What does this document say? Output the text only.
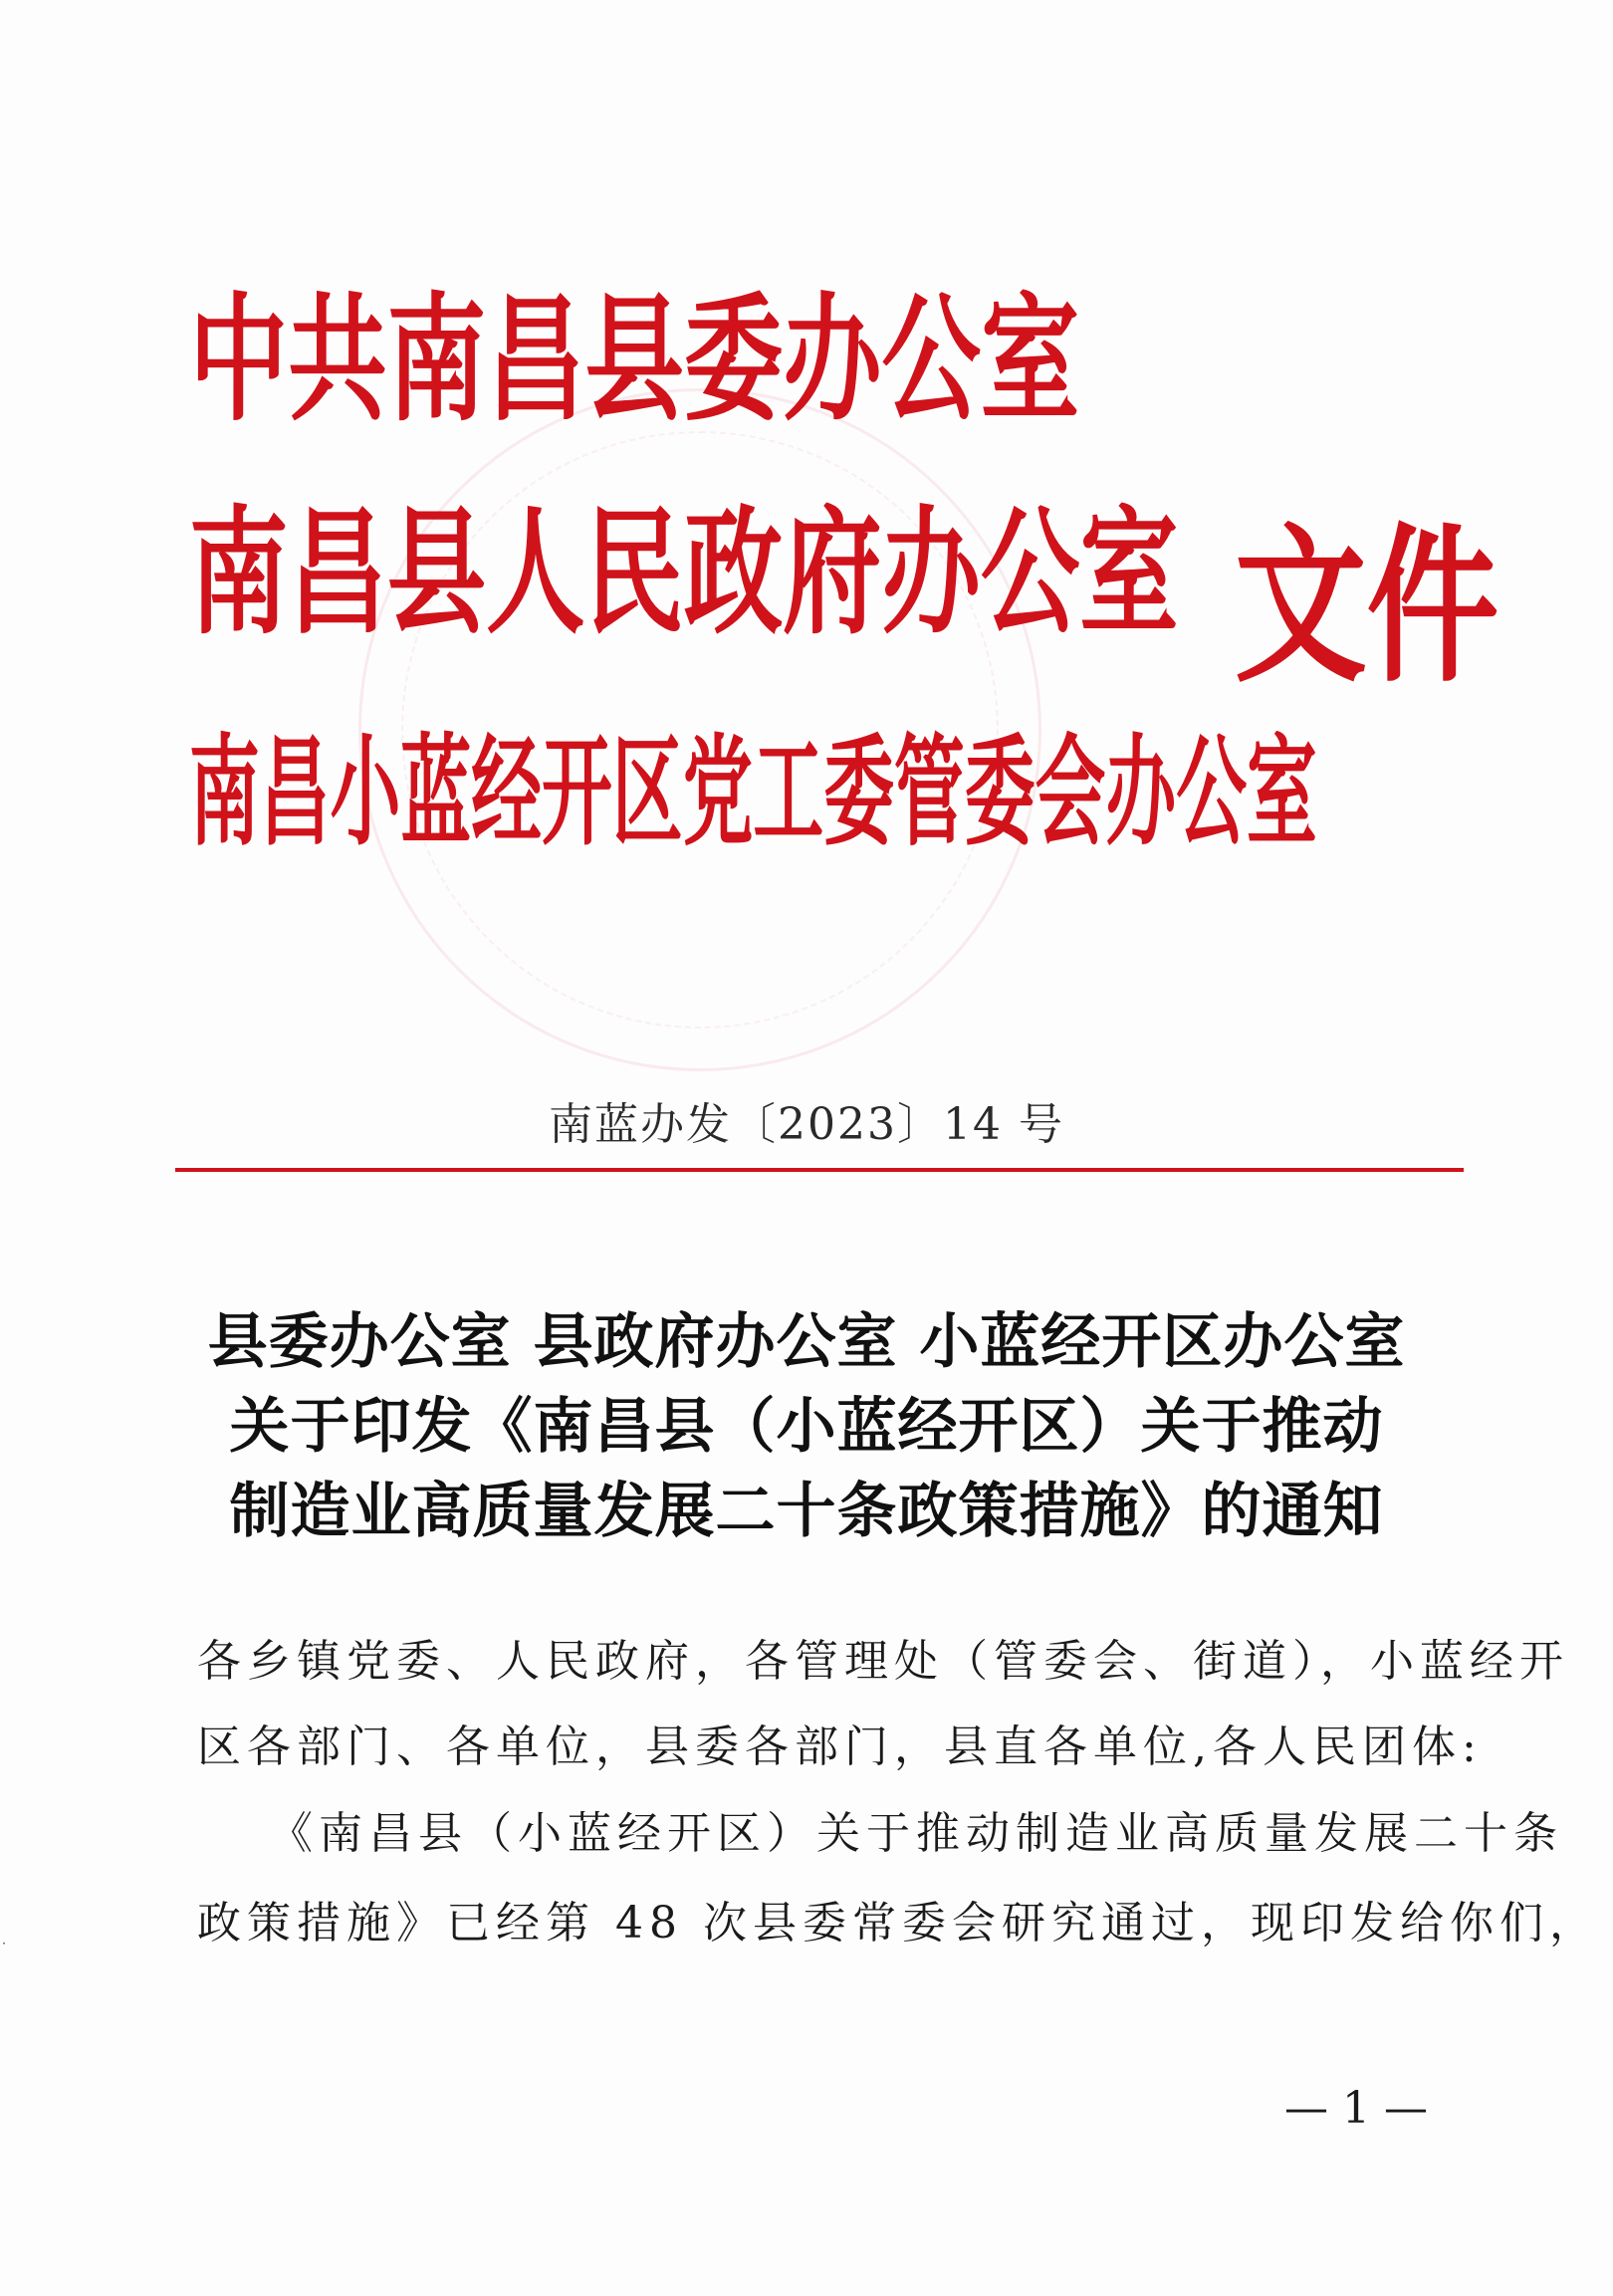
中共南昌县委办公室
南昌县人民政府办公室
南昌小蓝经开区党工委管委会办公室
文件

南蓝办发〔2023〕14 号

县委办公室 县政府办公室 小蓝经开区办公室
关于印发《南昌县（小蓝经开区）关于推动
制造业高质量发展二十条政策措施》的通知

各乡镇党委、人民政府，各管理处（管委会、街道），小蓝经开

区各部门、各单位，县委各部门，县直各单位,各人民团体:

《南昌县（小蓝经开区）关于推动制造业高质量发展二十条

政策措施》已经第 48 次县委常委会研究通过，现印发给你们，

— 1 —

˙
